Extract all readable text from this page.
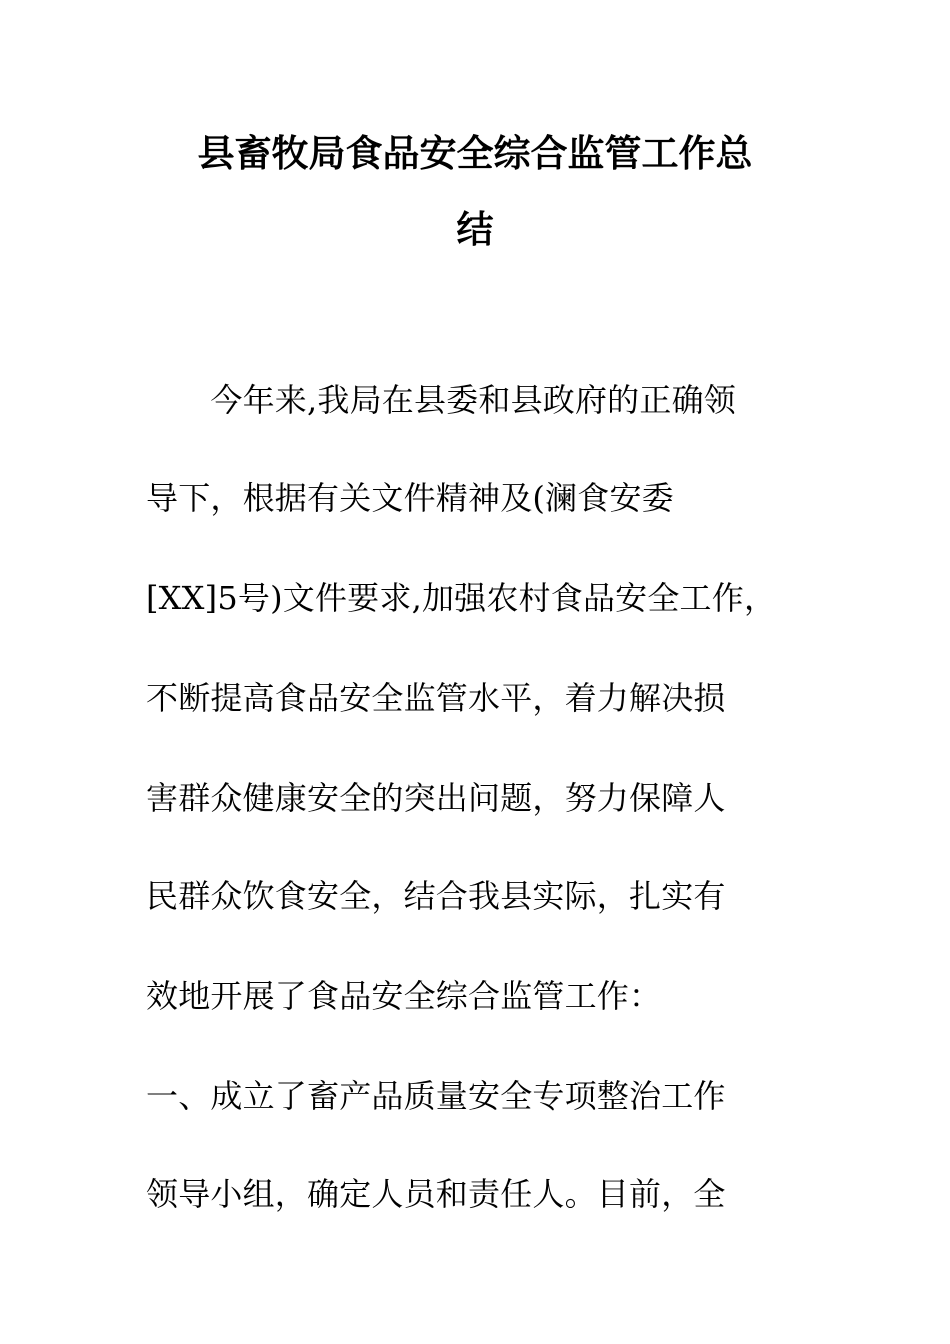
县畜牧局食品安全综合监管工作总
结
　　今年来,我局在县委和县政府的正确领
导下，根据有关文件精神及(澜食安委
[XX]5号)文件要求,加强农村食品安全工作，
不断提高食品安全监管水平，着力解决损
害群众健康安全的突出问题，努力保障人
民群众饮食安全，结合我县实际，扎实有
效地开展了食品安全综合监管工作：
一、成立了畜产品质量安全专项整治工作
领导小组，确定人员和责任人。目前，全
